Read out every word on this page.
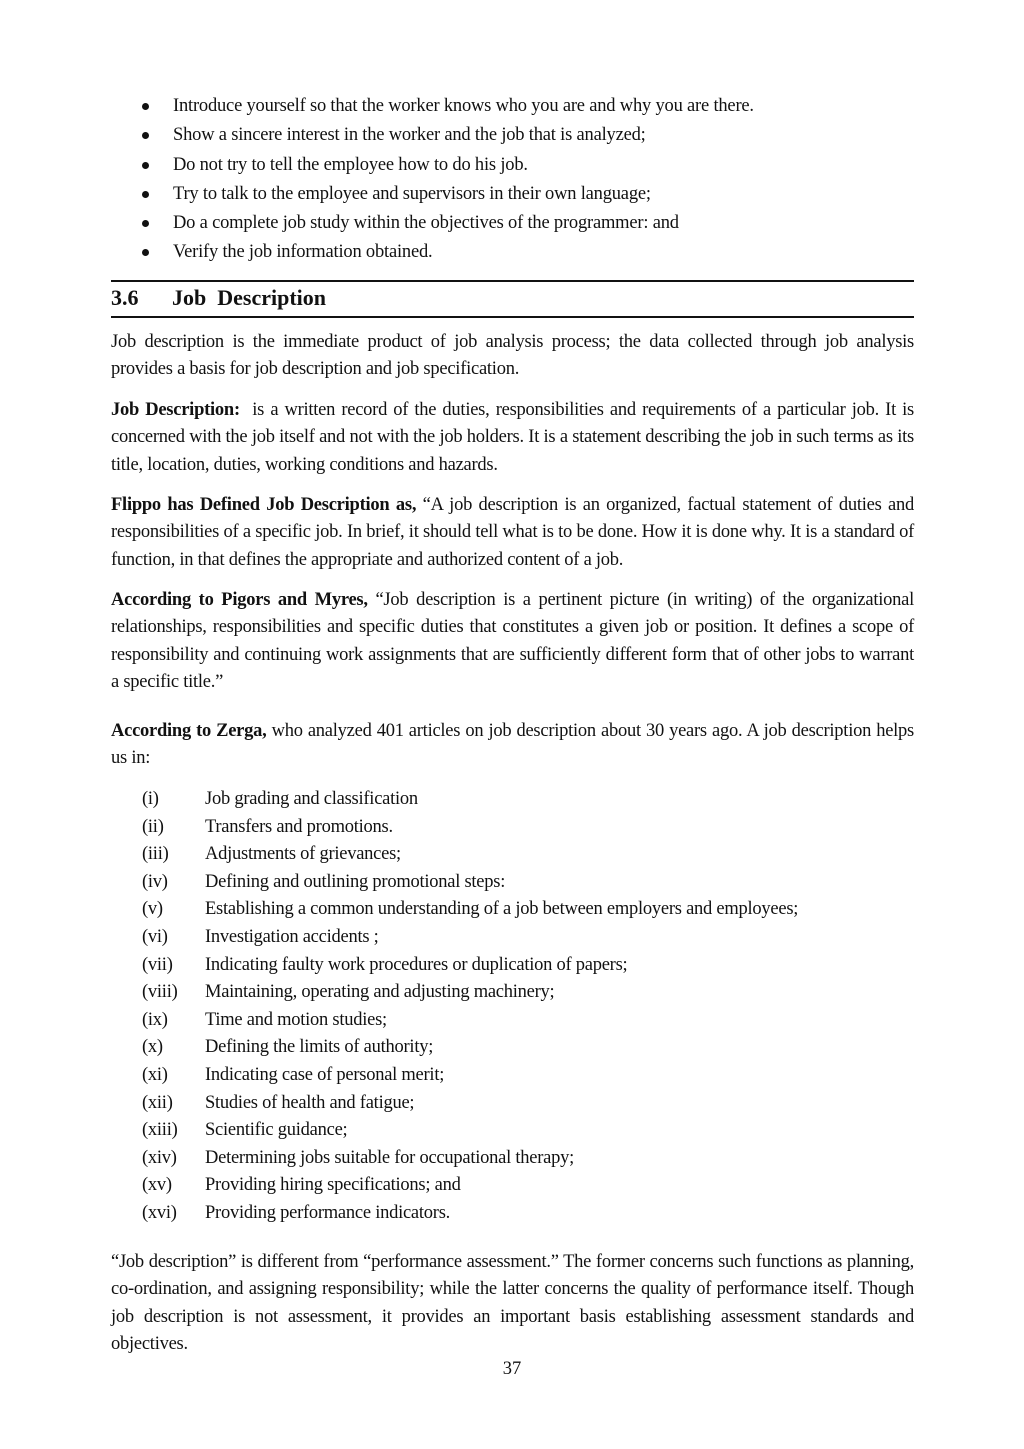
Introduce yourself so that the worker knows who you are and why you are there.
Show a sincere interest in the worker and the job that is analyzed;
Do not try to tell the employee how to do his job.
Try to talk to the employee and supervisors in their own language;
Do a complete job study within the objectives of the programmer: and
Verify the job information obtained.
3.6 Job  Description

Job description is the immediate product of job analysis process; the data collected through job analysis provides a basis for job description and job specification.

Job Description:  is a written record of the duties, responsibilities and requirements of a particular job. It is concerned with the job itself and not with the job holders. It is a statement describing the job in such terms as its title, location, duties, working conditions and hazards.

Flippo has Defined Job Description as, “A job description is an organized, factual statement of duties and responsibilities of a specific job. In brief, it should tell what is to be done. How it is done why. It is a standard of function, in that defines the appropriate and authorized content of a job.

According to Pigors and Myres, “Job description is a pertinent picture (in writing) of the organizational relationships, responsibilities and specific duties that constitutes a given job or position. It defines a scope of responsibility and continuing work assignments that are sufficiently different form that of other jobs to warrant a specific title.”

According to Zerga, who analyzed 401 articles on job description about 30 years ago. A job description helps us in:

(i)	Job grading and classification
(ii) Transfers and promotions.
(iii) Adjustments of grievances;
(iv) Defining and outlining promotional steps:
(v) Establishing a common understanding of a job between employers and employees;
(vi) Investigation accidents ;
(vii) Indicating faulty work procedures or duplication of papers;
(viii) Maintaining, operating and adjusting machinery;
(ix) Time and motion studies;
(x) Defining the limits of authority;
(xi) Indicating case of personal merit;
(xii) Studies of health and fatigue;
(xiii) Scientific guidance;
(xiv) Determining jobs suitable for occupational therapy;
(xv) Providing hiring specifications; and
(xvi) Providing performance indicators.

“Job description” is different from “performance assessment.” The former concerns such functions as planning, co-ordination, and assigning responsibility; while the latter concerns the quality of performance itself. Though job description is not assessment, it provides an important basis establishing assessment standards and objectives.

37
